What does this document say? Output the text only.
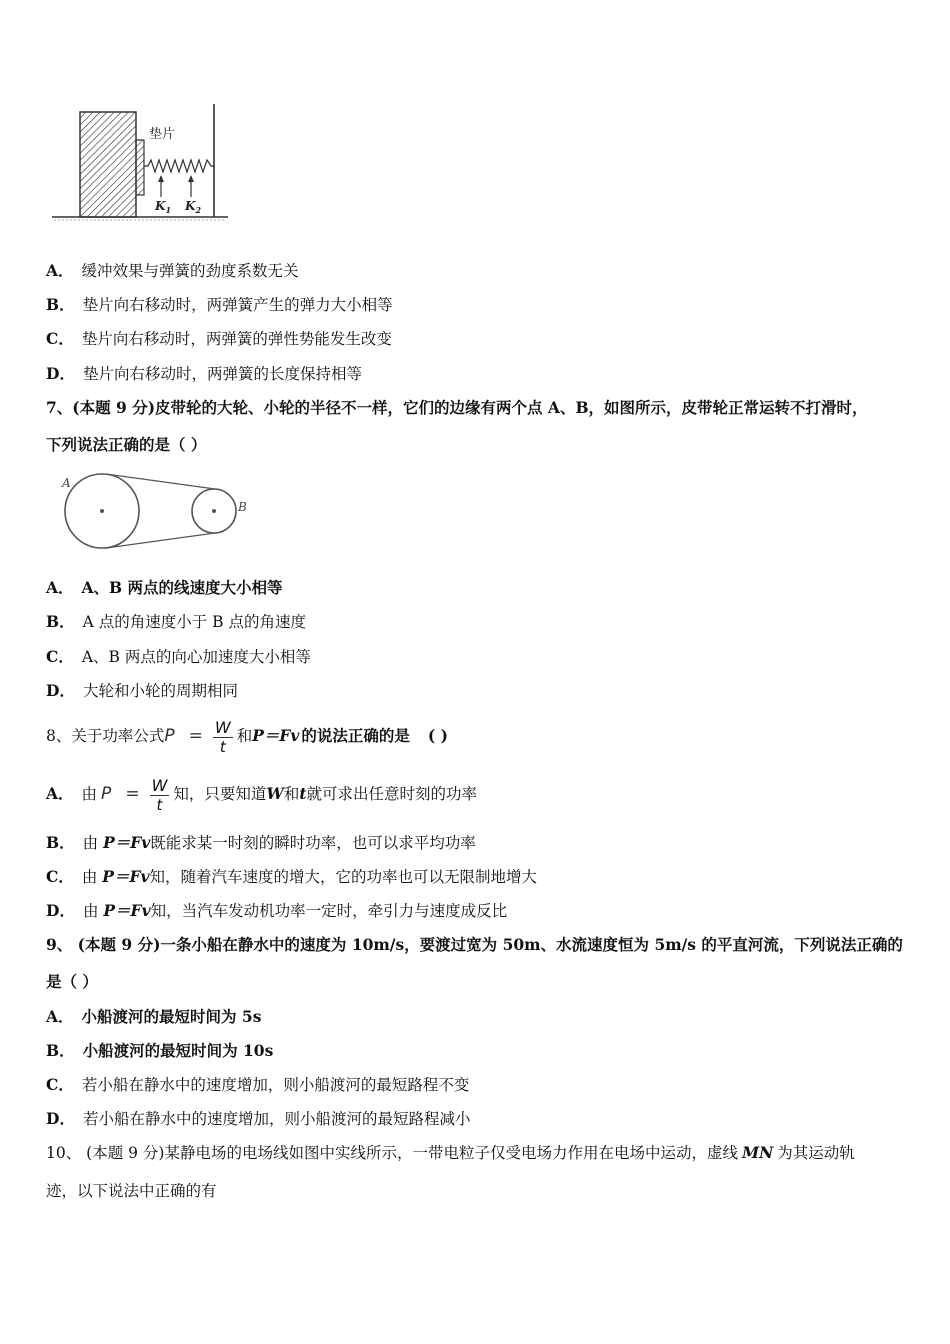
垫片
$K_1$ $K_2$
A． 缓冲效果与弹簧的劲度系数无关
B． 垫片向右移动时，两弹簧产生的弹力大小相等
C． 垫片向右移动时，两弹簧的弹性势能发生改变
D． 垫片向右移动时，两弹簧的长度保持相等
7、(本题 9 分)皮带轮的大轮、小轮的半径不一样，它们的边缘有两个点 A、B，如图所示，皮带轮正常运转不打滑时，
下列说法正确的是（ ）
A
B
A． A、B 两点的线速度大小相等
B． A 点的角速度小于 B 点的角速度
C． A、B 两点的向心加速度大小相等
D． 大轮和小轮的周期相同
8、关于功率公式$P = \frac{W}{t}$ 和P＝Fv 的说法正确的是 ( )
A． 由 $P = \frac{W}{t}$ 知，只要知道W和t就可求出任意时刻的功率
B． 由 P＝Fv既能求某一时刻的瞬时功率，也可以求平均功率
C． 由 P＝Fv知，随着汽车速度的增大，它的功率也可以无限制地增大
D． 由 P＝Fv知，当汽车发动机功率一定时，牵引力与速度成反比
9、 (本题 9 分)一条小船在静水中的速度为 10m/s，要渡过宽为 50m、水流速度恒为 5m/s 的平直河流，下列说法正确的
是（ ）
A． 小船渡河的最短时间为 5s
B． 小船渡河的最短时间为 10s
C． 若小船在静水中的速度增加，则小船渡河的最短路程不变
D． 若小船在静水中的速度增加，则小船渡河的最短路程减小
10、 (本题 9 分)某静电场的电场线如图中实线所示，一带电粒子仅受电场力作用在电场中运动，虚线 MN 为其运动轨
迹，以下说法中正确的有
